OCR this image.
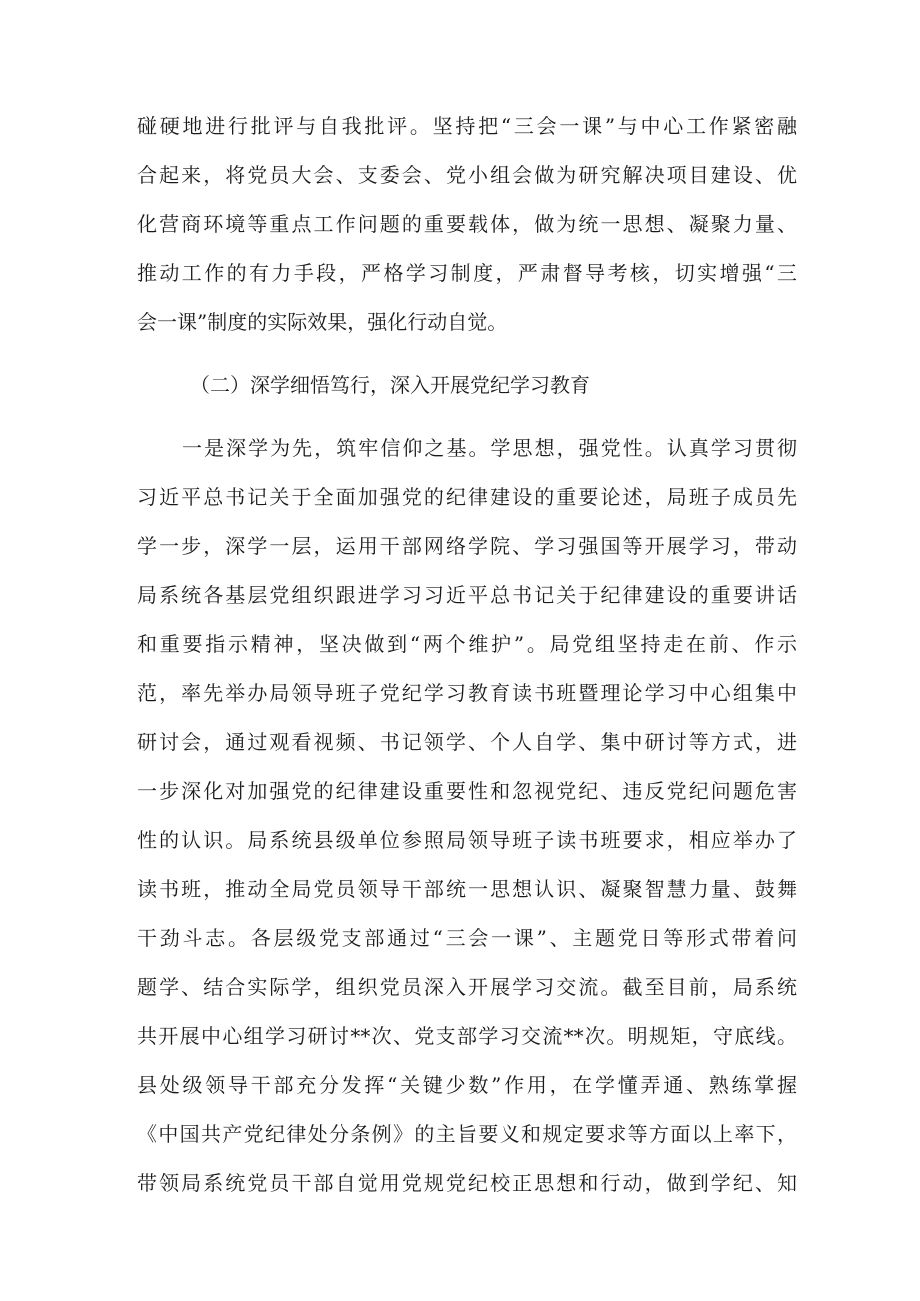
碰硬地进行批评与自我批评。坚持把“三会一课”与中心工作紧密融
合起来，将党员大会、支委会、党小组会做为研究解决项目建设、优
化营商环境等重点工作问题的重要载体，做为统一思想、凝聚力量、
推动工作的有力手段，严格学习制度，严肃督导考核，切实增强“三
会一课”制度的实际效果，强化行动自觉。
（二）深学细悟笃行，深入开展党纪学习教育
一是深学为先，筑牢信仰之基。学思想，强党性。认真学习贯彻
习近平总书记关于全面加强党的纪律建设的重要论述，局班子成员先
学一步，深学一层，运用干部网络学院、学习强国等开展学习，带动
局系统各基层党组织跟进学习习近平总书记关于纪律建设的重要讲话
和重要指示精神，坚决做到“两个维护”。局党组坚持走在前、作示
范，率先举办局领导班子党纪学习教育读书班暨理论学习中心组集中
研讨会，通过观看视频、书记领学、个人自学、集中研讨等方式，进
一步深化对加强党的纪律建设重要性和忽视党纪、违反党纪问题危害
性的认识。局系统县级单位参照局领导班子读书班要求，相应举办了
读书班，推动全局党员领导干部统一思想认识、凝聚智慧力量、鼓舞
干劲斗志。各层级党支部通过“三会一课”、主题党日等形式带着问
题学、结合实际学，组织党员深入开展学习交流。截至目前，局系统
共开展中心组学习研讨**次、党支部学习交流**次。明规矩，守底线。
县处级领导干部充分发挥“关键少数”作用，在学懂弄通、熟练掌握
《中国共产党纪律处分条例》的主旨要义和规定要求等方面以上率下，
带领局系统党员干部自觉用党规党纪校正思想和行动，做到学纪、知
